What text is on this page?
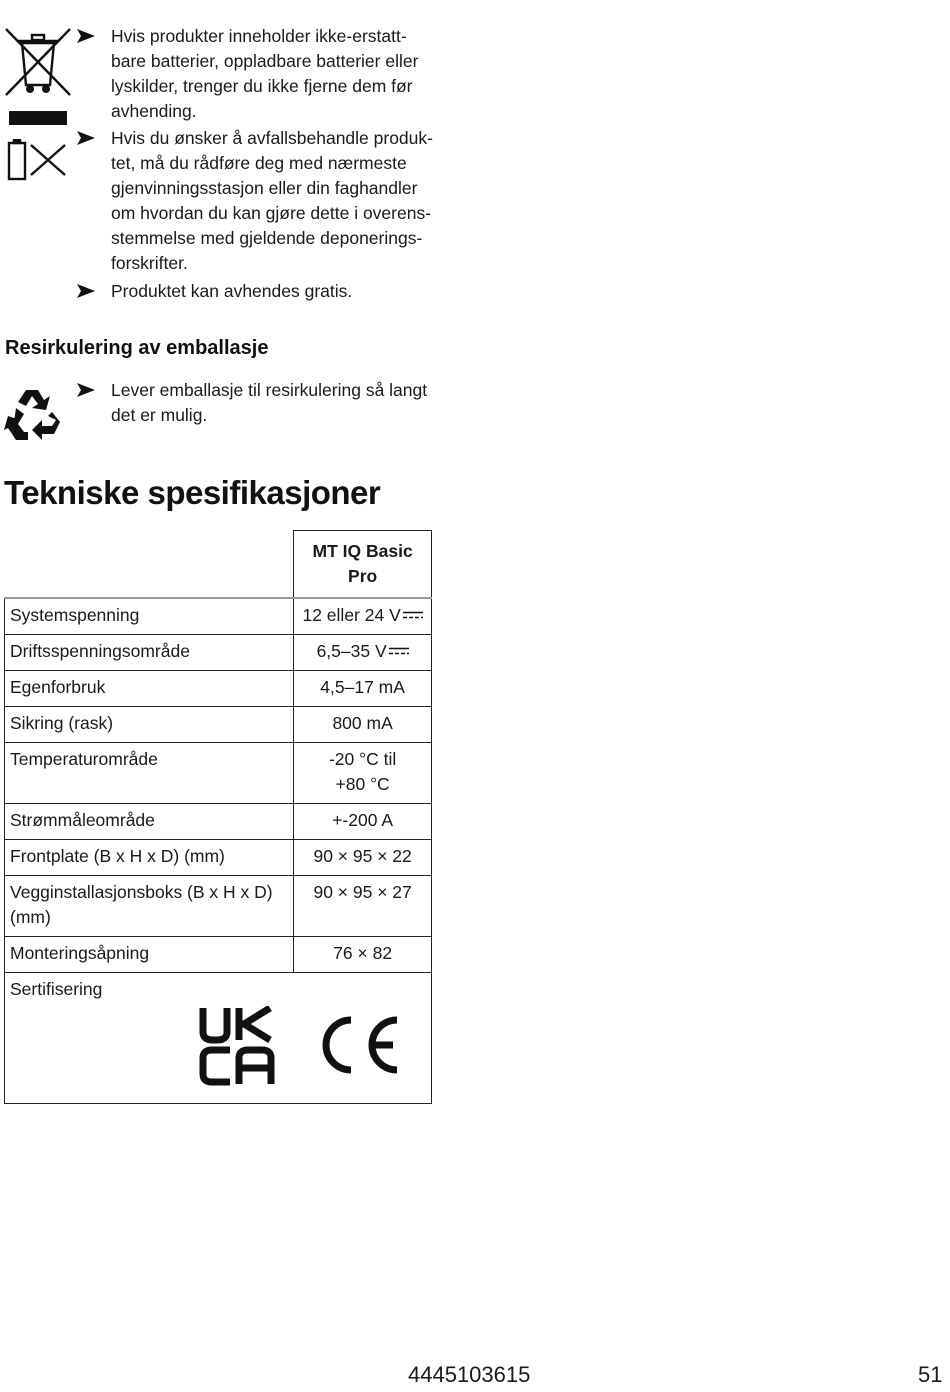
Hvis produkter inneholder ikke-erstatt-
bare batterier, oppladbare batterier eller
lyskilder, trenger du ikke fjerne dem før
avhending.
Hvis du ønsker å avfallsbehandle produk-
tet, må du rådføre deg med nærmeste
gjenvinningsstasjon eller din faghandler
om hvordan du kan gjøre dette i overens-
stemmelse med gjeldende deponerings-
forskrifter.
Produktet kan avhendes gratis.
Resirkulering av emballasje
Lever emballasje til resirkulering så langt
det er mulig.
Tekniske spesifikasjoner

	MT IQ Basic
Pro

Systemspenning	12 eller 24 V

Driftsspenningsområde	6,5–35 V

Egenforbruk	4,5–17 mA

Sikring (rask)	800 mA

Temperaturområde	-20 °C til
+80 °C

Strømmåleområde	+-200 A

Frontplate (B x H x D) (mm)	90 × 95 × 22

Vegginstallasjonsboks (B x H x D)
(mm)	90 × 95 × 27

Monteringsåpning	76 × 82

Sertifisering	
4445103615	51
